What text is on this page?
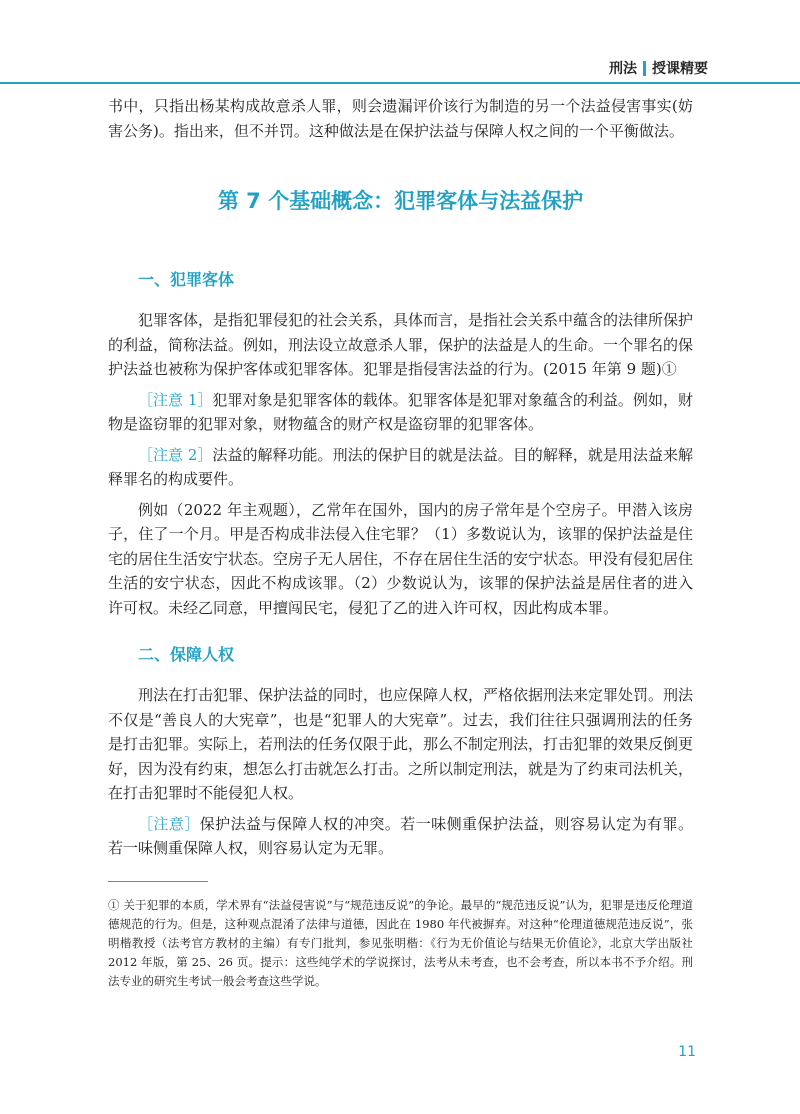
刑法 授课精要

书中，只指出杨某构成故意杀人罪，则会遗漏评价该行为制造的另一个法益侵害事实(妨害公务)。指出来，但不并罚。这种做法是在保护法益与保障人权之间的一个平衡做法。

第 7 个基础概念：犯罪客体与法益保护
一、犯罪客体

犯罪客体，是指犯罪侵犯的社会关系，具体而言，是指社会关系中蕴含的法律所保护的利益，简称法益。例如，刑法设立故意杀人罪，保护的法益是人的生命。一个罪名的保护法益也被称为保护客体或犯罪客体。犯罪是指侵害法益的行为。(2015 年第 9 题)①

［注意 1］犯罪对象是犯罪客体的载体。犯罪客体是犯罪对象蕴含的利益。例如，财物是盗窃罪的犯罪对象，财物蕴含的财产权是盗窃罪的犯罪客体。

［注意 2］法益的解释功能。刑法的保护目的就是法益。目的解释，就是用法益来解释罪名的构成要件。

例如（2022 年主观题），乙常年在国外，国内的房子常年是个空房子。甲潜入该房子，住了一个月。甲是否构成非法侵入住宅罪？（1）多数说认为，该罪的保护法益是住宅的居住生活安宁状态。空房子无人居住，不存在居住生活的安宁状态。甲没有侵犯居住生活的安宁状态，因此不构成该罪。（2）少数说认为，该罪的保护法益是居住者的进入许可权。未经乙同意，甲擅闯民宅，侵犯了乙的进入许可权，因此构成本罪。

二、保障人权

刑法在打击犯罪、保护法益的同时，也应保障人权，严格依据刑法来定罪处罚。刑法不仅是“善良人的大宪章”，也是“犯罪人的大宪章”。过去，我们往往只强调刑法的任务是打击犯罪。实际上，若刑法的任务仅限于此，那么不制定刑法，打击犯罪的效果反倒更好，因为没有约束，想怎么打击就怎么打击。之所以制定刑法，就是为了约束司法机关，在打击犯罪时不能侵犯人权。

［注意］保护法益与保障人权的冲突。若一味侧重保护法益，则容易认定为有罪。若一味侧重保障人权，则容易认定为无罪。

① 关于犯罪的本质，学术界有“法益侵害说”与“规范违反说”的争论。最早的“规范违反说”认为，犯罪是违反伦理道德规范的行为。但是，这种观点混淆了法律与道德，因此在 1980 年代被摒弃。对这种“伦理道德规范违反说”，张明楷教授（法考官方教材的主编）有专门批判，参见张明楷：《行为无价值论与结果无价值论》，北京大学出版社 2012 年版，第 25、26 页。提示：这些纯学术的学说探讨，法考从未考查，也不会考查，所以本书不予介绍。刑法专业的研究生考试一般会考查这些学说。

11
